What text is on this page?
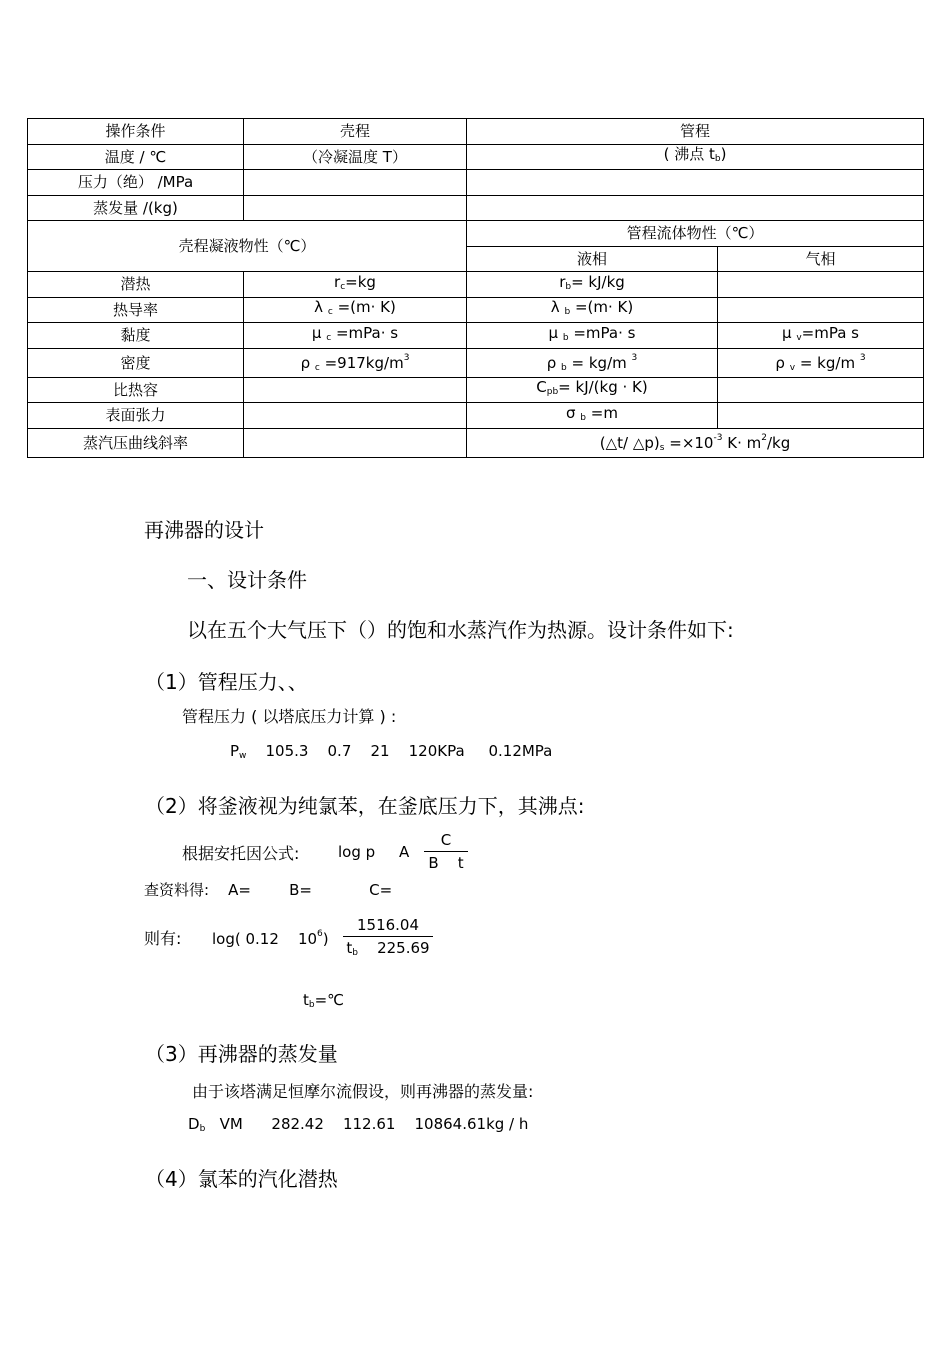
操作条件	壳程	管程	
温度 / ℃	（冷凝温度 T）	( 沸点 $t_b$)	
压力（绝） /MPa			
蒸发量 /(kg)			
壳程凝液物性（℃）		管程流体物性（℃）	
		液相	气相
潜热	$r_c=kg$	$r_b= kJ/kg$	
热导率	λ $_c$ =(m· K)	λ $_b$ =(m· K)	
黏度	μ $_c$ =mPa· s	μ $_b$ =mPa· s	μ $_v$=mPa s
密度	ρ $_c =917kg/m^3$	ρ $_b$ = kg/m $^3$	ρ $_v$ = kg/m $^3$
比热容		$C_{pb}= kJ/(kg \cdot K)$	
表面张力		σ $_b$ =m	
蒸汽压曲线斜率		(△t/ $\triangle p)_s =\times 10^{-3}$ $K\cdot m^2/kg$	
再沸器的设计
一、设计条件
以在五个大气压下（）的饱和水蒸汽作为热源。设计条件如下:
（1）管程压力、、
管程压力 ( 以塔底压力计算 ) :
$P_w$ 105.3    0.7    21    120KPa     0.12MPa
（2）将釜液视为纯氯苯，在釜底压力下，其沸点:
根据安托因公式:	log p     A $\frac{C}{\text{B    t}}$
查资料得:    A=        B=            C=
则有: log( 0.12    $10^6) \frac{1516.04}{t_b 225.69}$
$t_b=℃$
（3）再沸器的蒸发量
由于该塔满足恒摩尔流假设，则再沸器的蒸发量:
$D_b$   VM      282.42    112.61    10864.61kg / h
（4）氯苯的汽化潜热
